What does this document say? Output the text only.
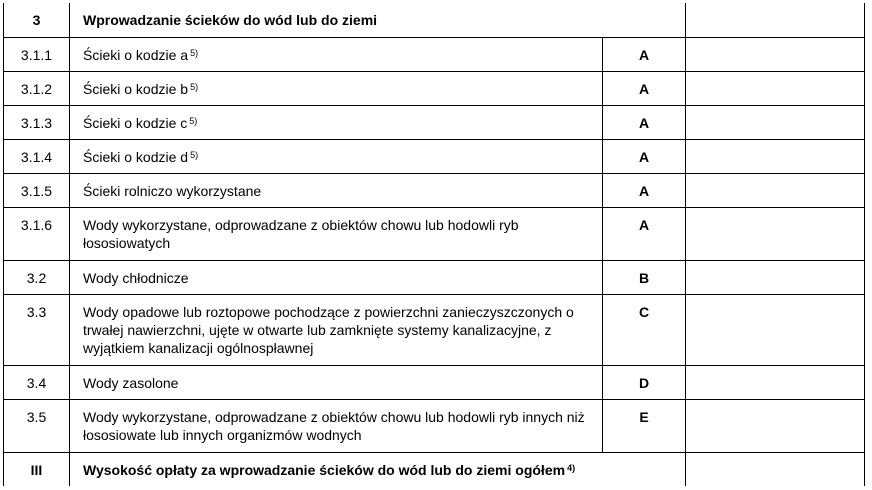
3	Wprowadzanie ścieków do wód lub do ziemi		
3.1.1	Ścieki o kodzie a $^{5)}$	A	
3.1.2	Ścieki o kodzie b $^{5)}$	A	
3.1.3	Ścieki o kodzie c $^{5)}$	A	
3.1.4	Ścieki o kodzie d $^{5)}$	A	
3.1.5	Ścieki rolniczo wykorzystane	A	
3.1.6	Wody wykorzystane, odprowadzane z obiektów chowu lub hodowli ryb łososiowatych	A	
3.2	Wody chłodnicze	B	
3.3	Wody opadowe lub roztopowe pochodzące z powierzchni zanieczyszczonych o trwałej nawierzchni, ujęte w otwarte lub zamknięte systemy kanalizacyjne, z wyjątkiem kanalizacji ogólnospławnej	C	
3.4	Wody zasolone	D	
3.5	Wody wykorzystane, odprowadzane z obiektów chowu lub hodowli ryb innych niż łososiowate lub innych organizmów wodnych	E	
III	Wysokość opłaty za wprowadzanie ścieków do wód lub do ziemi ogółem $^{4)}$	
